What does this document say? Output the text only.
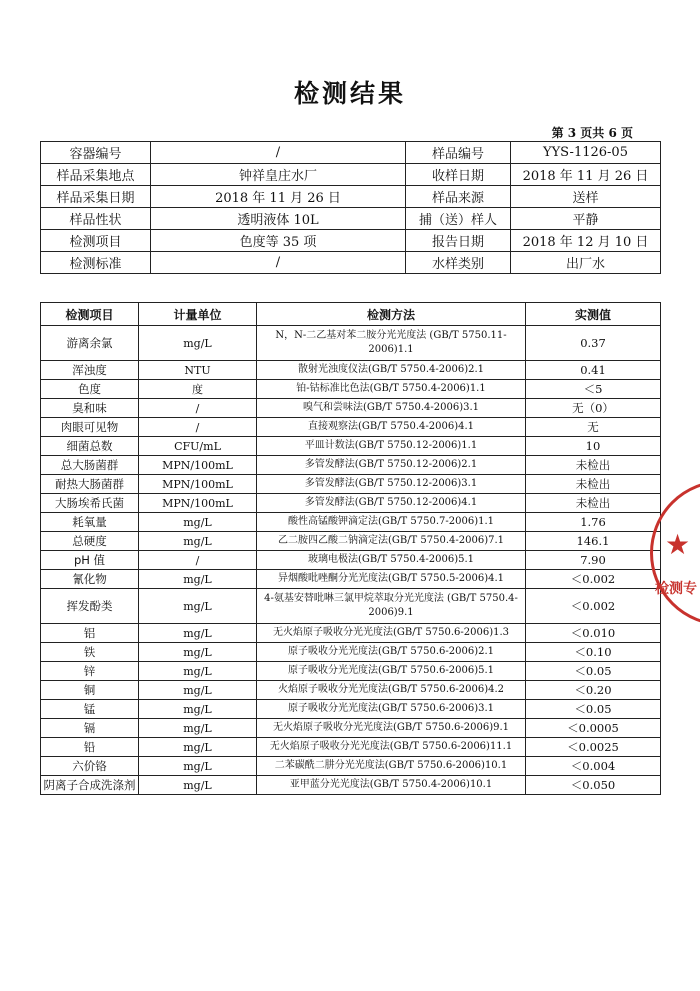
检测结果
第 3 页共 6 页
容器编号	/	样品编号	YYS-1126-05
样品采集地点	钟祥皇庄水厂	收样日期	2018 年 11 月 26 日
样品采集日期	2018 年 11 月 26 日	样品来源	送样
样品性状	透明液体 10L	捕（送）样人	平静
检测项目	色度等 35 项	报告日期	2018 年 12 月 10 日
检测标准	/	水样类别	出厂水
检测项目	计量单位	检测方法	实测值
游离余氯	mg/L	N，N-二乙基对苯二胺分光光度法 (GB/T 5750.11-2006)1.1	0.37
浑浊度	NTU	散射光浊度仪法(GB/T 5750.4-2006)2.1	0.41
色度	度	铂-钴标准比色法(GB/T 5750.4-2006)1.1	＜5
臭和味	/	嗅气和尝味法(GB/T 5750.4-2006)3.1	无（0）
肉眼可见物	/	直接观察法(GB/T 5750.4-2006)4.1	无
细菌总数	CFU/mL	平皿计数法(GB/T 5750.12-2006)1.1	10
总大肠菌群	MPN/100mL	多管发酵法(GB/T 5750.12-2006)2.1	未检出
耐热大肠菌群	MPN/100mL	多管发酵法(GB/T 5750.12-2006)3.1	未检出
大肠埃希氏菌	MPN/100mL	多管发酵法(GB/T 5750.12-2006)4.1	未检出
耗氧量	mg/L	酸性高锰酸钾滴定法(GB/T 5750.7-2006)1.1	1.76
总硬度	mg/L	乙二胺四乙酸二钠滴定法(GB/T 5750.4-2006)7.1	146.1
pH 值	/	玻璃电极法(GB/T 5750.4-2006)5.1	7.90
氰化物	mg/L	异烟酸吡唑酮分光光度法(GB/T 5750.5-2006)4.1	＜0.002
挥发酚类	mg/L	4-氨基安替吡啉三氯甲烷萃取分光光度法 (GB/T 5750.4-2006)9.1	＜0.002
铝	mg/L	无火焰原子吸收分光光度法(GB/T 5750.6-2006)1.3	＜0.010
铁	mg/L	原子吸收分光光度法(GB/T 5750.6-2006)2.1	＜0.10
锌	mg/L	原子吸收分光光度法(GB/T 5750.6-2006)5.1	＜0.05
铜	mg/L	火焰原子吸收分光光度法(GB/T 5750.6-2006)4.2	＜0.20
锰	mg/L	原子吸收分光光度法(GB/T 5750.6-2006)3.1	＜0.05
镉	mg/L	无火焰原子吸收分光光度法(GB/T 5750.6-2006)9.1	＜0.0005
铅	mg/L	无火焰原子吸收分光光度法(GB/T 5750.6-2006)11.1	＜0.0025
六价铬	mg/L	二苯碳酰二肼分光光度法(GB/T 5750.6-2006)10.1	＜0.004
阴离子合成洗涤剂	mg/L	亚甲蓝分光光度法(GB/T 5750.4-2006)10.1	＜0.050
★
检测专
